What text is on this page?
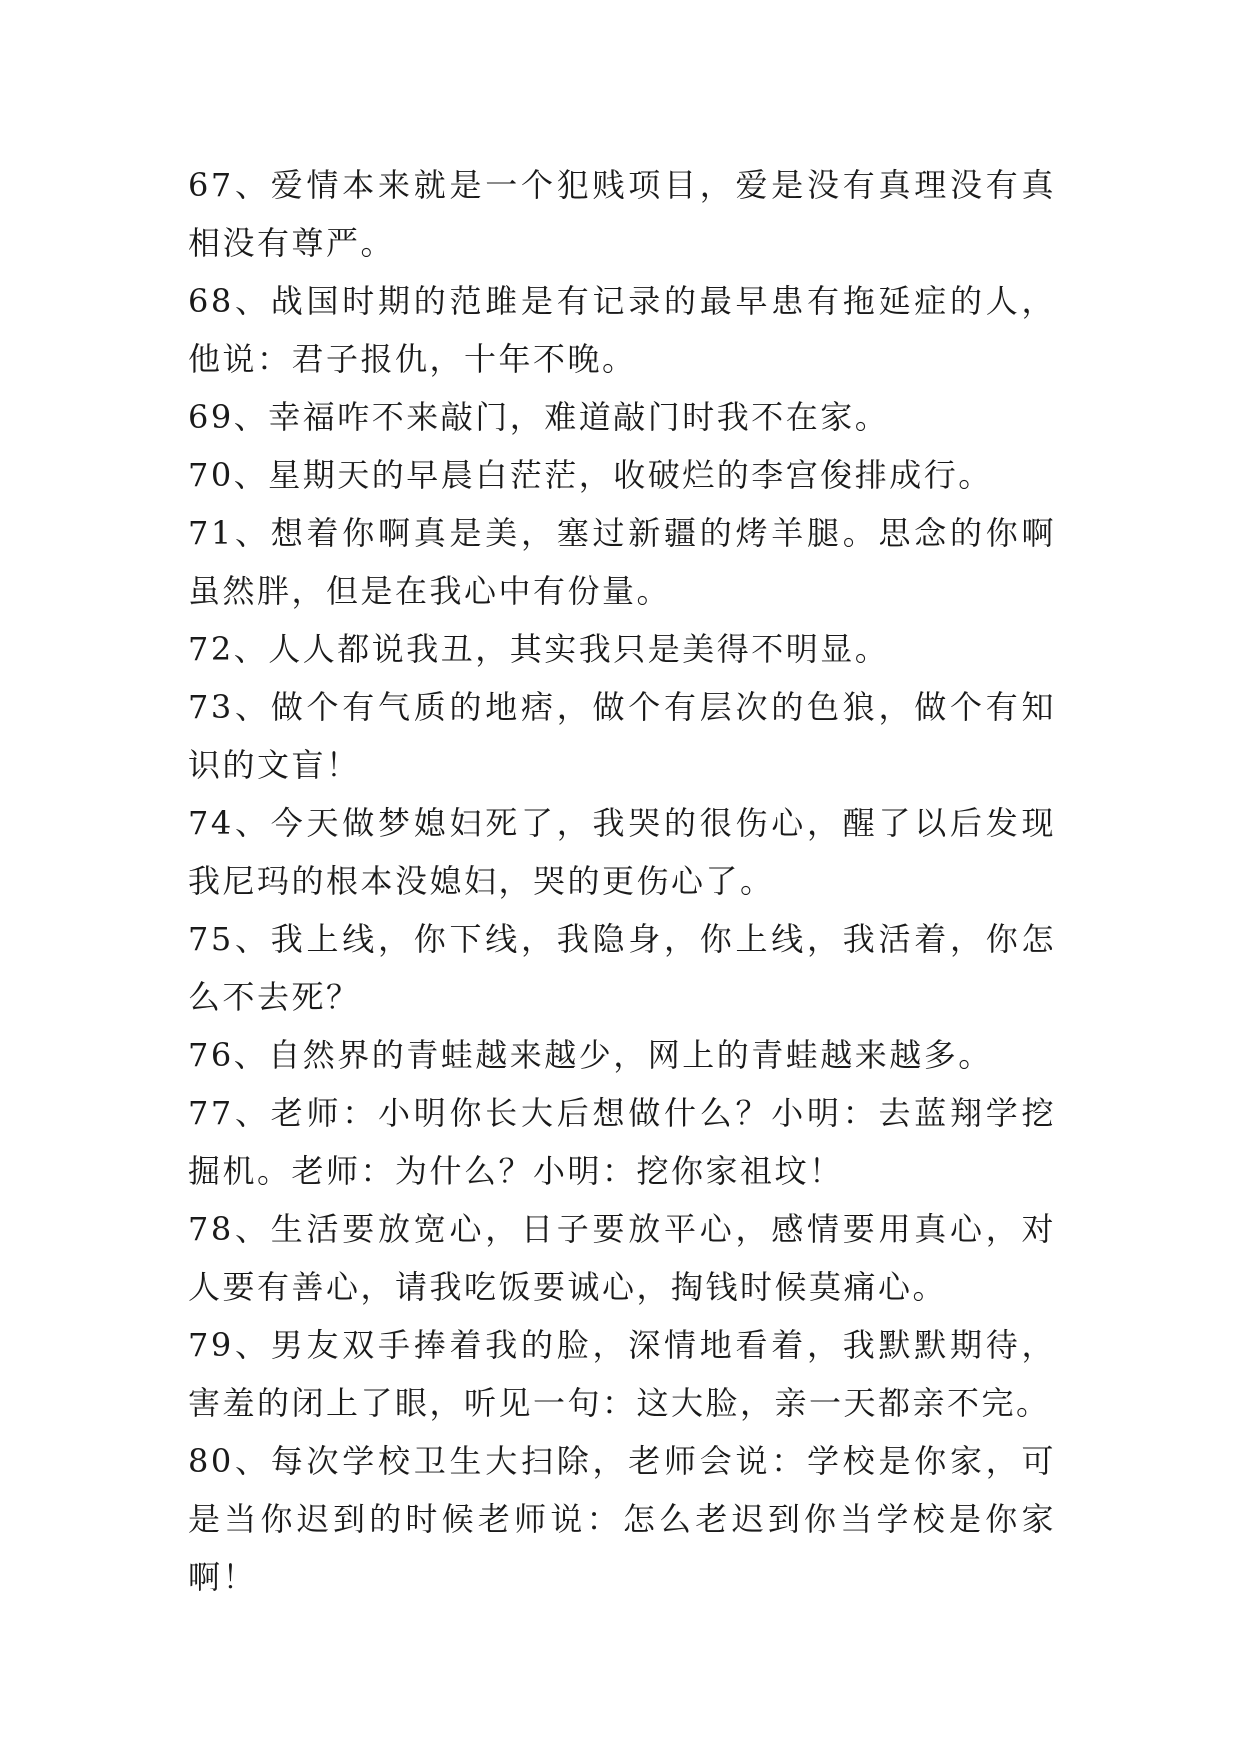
67、爱情本来就是一个犯贱项目，爱是没有真理没有真相没有尊严。

68、战国时期的范雎是有记录的最早患有拖延症的人，他说：君子报仇，十年不晚。

69、幸福咋不来敲门，难道敲门时我不在家。

70、星期天的早晨白茫茫，收破烂的李宫俊排成行。

71、想着你啊真是美，塞过新疆的烤羊腿。思念的你啊虽然胖，但是在我心中有份量。

72、人人都说我丑，其实我只是美得不明显。

73、做个有气质的地痞，做个有层次的色狼，做个有知识的文盲！

74、今天做梦媳妇死了，我哭的很伤心，醒了以后发现我尼玛的根本没媳妇，哭的更伤心了。

75、我上线，你下线，我隐身，你上线，我活着，你怎么不去死？

76、自然界的青蛙越来越少，网上的青蛙越来越多。

77、老师：小明你长大后想做什么？小明：去蓝翔学挖掘机。老师：为什么？小明：挖你家祖坟！

78、生活要放宽心，日子要放平心，感情要用真心，对人要有善心，请我吃饭要诚心，掏钱时候莫痛心。

79、男友双手捧着我的脸，深情地看着，我默默期待，害羞的闭上了眼，听见一句：这大脸，亲一天都亲不完。

80、每次学校卫生大扫除，老师会说：学校是你家，可是当你迟到的时候老师说：怎么老迟到你当学校是你家啊！
